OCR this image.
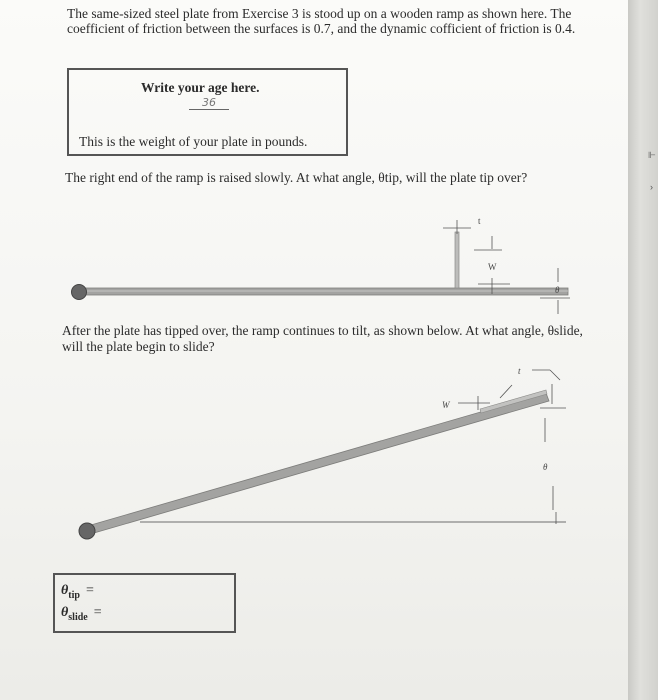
The same-sized steel plate from Exercise 3 is stood up on a wooden ramp as shown here. The coefficient of friction between the surfaces is 0.7, and the dynamic cofficient of friction is 0.4.
Write your age here.
36
This is the weight of your plate in pounds.
The right end of the ramp is raised slowly. At what angle, θtip, will the plate tip over?
After the plate has tipped over, the ramp continues to tilt, as shown below. At what angle, θslide, will the plate begin to slide?
$\theta_{tip}$ =
$\theta_{slide}$ =
t
W
θ
W
t
θ
⊩
›
